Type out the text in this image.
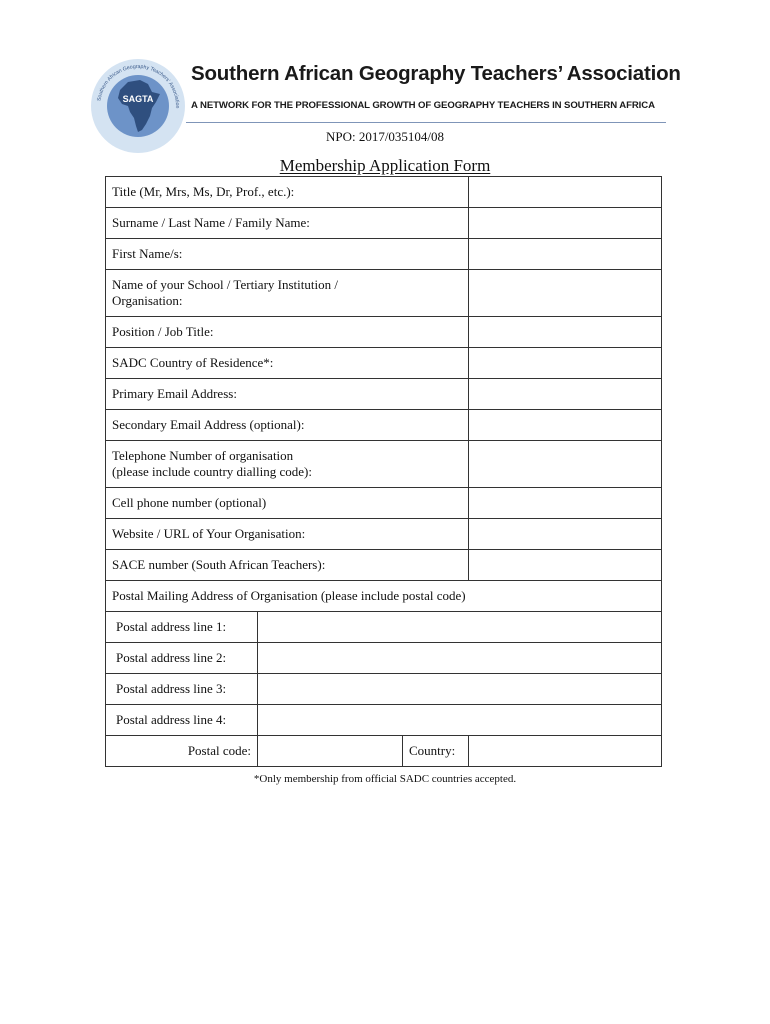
SAGTA
Southern African Geography Teachers' Association
Southern African Geography Teachers’ Association
A NETWORK FOR THE PROFESSIONAL GROWTH OF GEOGRAPHY TEACHERS IN SOUTHERN AFRICA
NPO: 2017/035104/08
Membership Application Form
Title (Mr, Mrs, Ms, Dr, Prof., etc.):			
Surname / Last Name / Family Name:			
First Name/s:			
Name of your School / Tertiary Institution /
Organisation:			
Position / Job Title:			
SADC Country of Residence*:			
Primary Email Address:			
Secondary Email Address (optional):			
Telephone Number of organisation
(please include country dialling code):			
Cell phone number (optional)			
Website / URL of Your Organisation:			
SACE number (South African Teachers):			
Postal Mailing Address of Organisation (please include postal code)			
Postal address line 1:			
Postal address line 2:			
Postal address line 3:			
Postal address line 4:			
Postal code:		Country:	
*Only membership from official SADC countries accepted.
